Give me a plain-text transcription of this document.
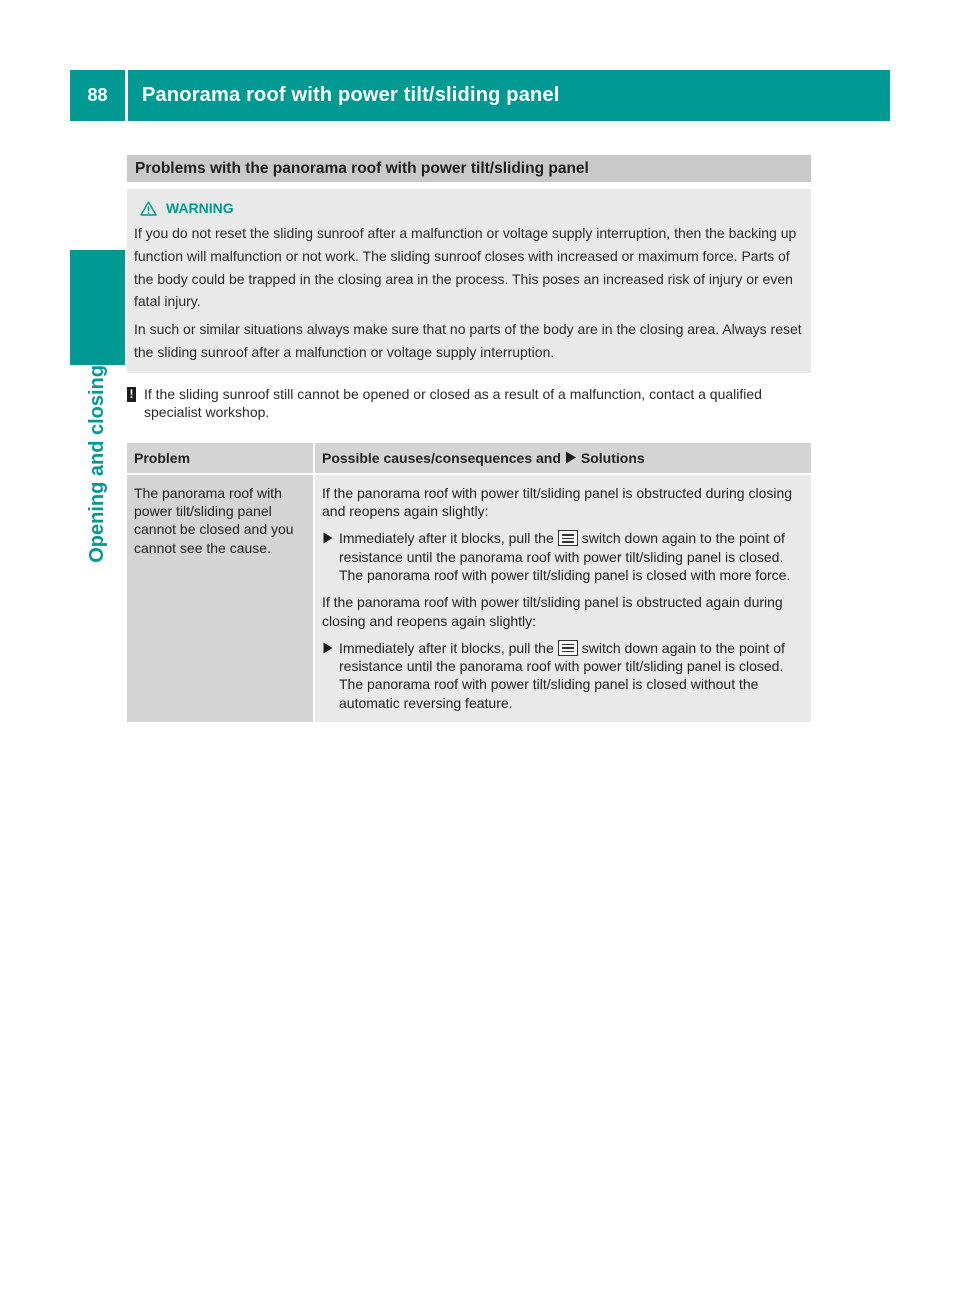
88	Panorama roof with power tilt/sliding panel
Opening and closing
Problems with the panorama roof with power tilt/sliding panel
WARNING

If you do not reset the sliding sunroof after a malfunction or voltage supply interruption, then the backing up function will malfunction or not work. The sliding sunroof closes with increased or maximum force. Parts of the body could be trapped in the closing area in the process. This poses an increased risk of injury or even fatal injury.

In such or similar situations always make sure that no parts of the body are in the closing area. Always reset the sliding sunroof after a malfunction or voltage supply interruption.

! If the sliding sunroof still cannot be opened or closed as a result of a malfunction, contact a qualified specialist workshop.
Problem	Possible causes/consequences and Solutions
The panorama roof with power tilt/sliding panel cannot be closed and you cannot see the cause.

If the panorama roof with power tilt/sliding panel is obstructed during closing and reopens again slightly:

Immediately after it blocks, pull the switch down again to the point of resistance until the panorama roof with power tilt/sliding panel is closed.
The panorama roof with power tilt/sliding panel is closed with more force.

If the panorama roof with power tilt/sliding panel is obstructed again during closing and reopens again slightly:

Immediately after it blocks, pull the switch down again to the point of resistance until the panorama roof with power tilt/sliding panel is closed.
The panorama roof with power tilt/sliding panel is closed without the automatic reversing feature.
